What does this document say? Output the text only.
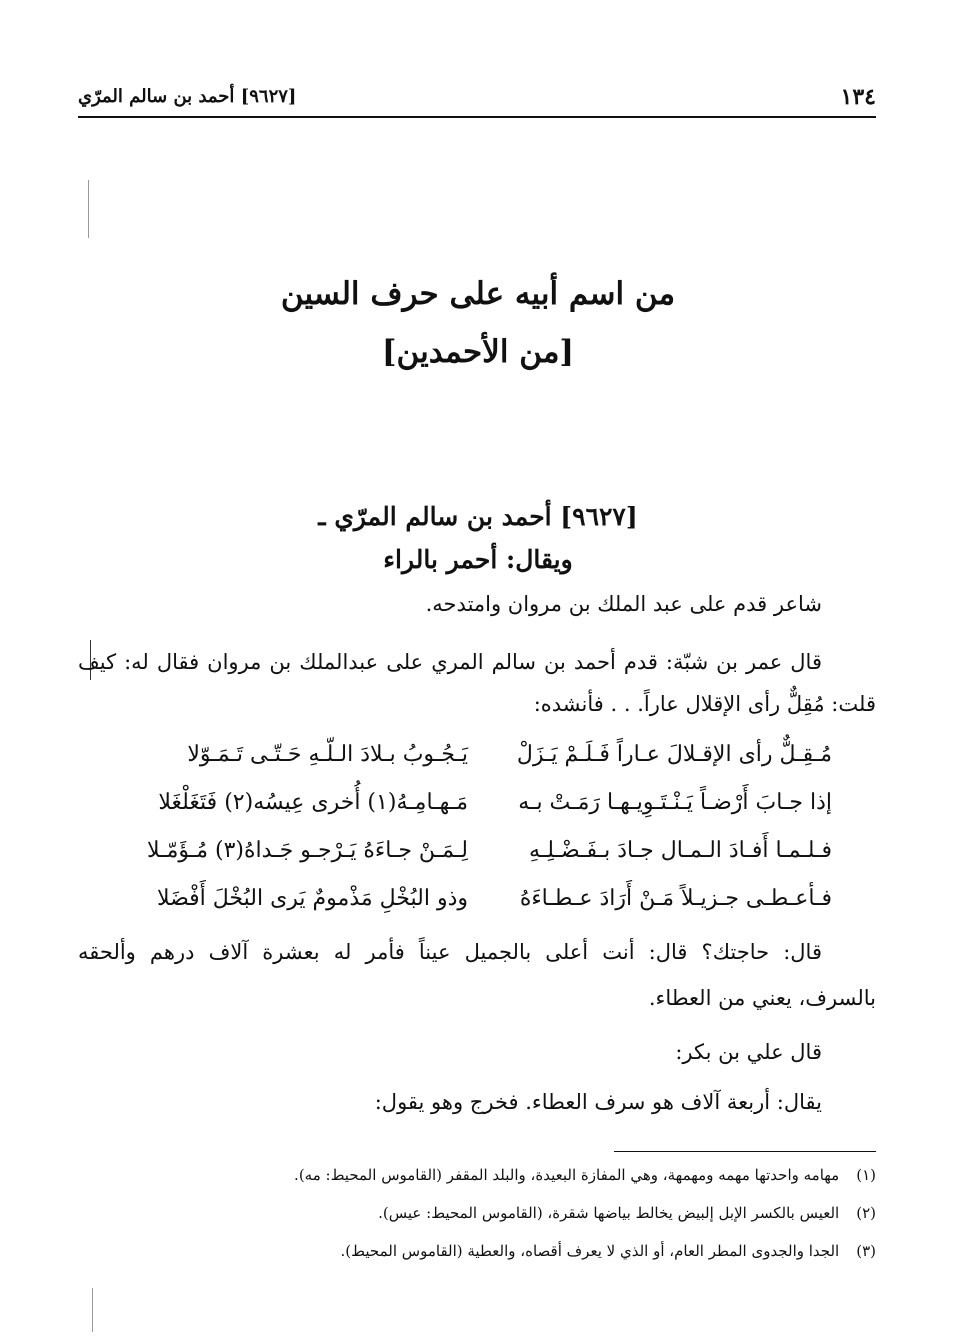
١٣٤
[٩٦٢٧] أحمد بن سالم المرّي
من اسم أبيه على حرف السين
[من الأحمدين]
[٩٦٢٧] أحمد بن سالم المرّي ـ
ويقال: أحمر بالراء
شاعر قدم على عبد الملك بن مروان وامتدحه.
قال عمر بن شبّة: قدم أحمد بن سالم المري على عبدالملك بن مروان فقال له: كيف
قلت: مُقِلٌّ رأى الإقلال عاراً. . . فأنشده:
مُـقِـلٌّ رأى الإقـلالَ عـاراً فَـلَـمْ يَـزَلْ
يَـجُـوبُ بـلادَ الـلّـهِ حَـتّـى تَـمَـوّلا
إذا جـابَ أَرْضـاً يَـنْـتَـوِيـهـا رَمَـتْ بـه
مَـهـامِـهُ(١) أُخرى عِيسُه(٢) فَتَغَلْغَلا
فـلـمـا أَفـادَ الـمـال جـادَ بـفَـضْـلِـهِ
لِـمَـنْ جـاءَهُ يَـرْجـو جَـداهُ(٣) مُـؤَمّـلا
فـأعـطـى جـزيـلاً مَـنْ أَرَادَ عـطـاءَهُ
وذو البُخْلِ مَذْمومٌ يَرى البُخْلَ أَفْضَلا
قال: حاجتك؟ قال: أنت أعلى بالجميل عيناً فأمر له بعشرة آلاف درهم وألحقه
بالسرف، يعني من العطاء.
قال علي بن بكر:
يقال: أربعة آلاف هو سرف العطاء. فخرج وهو يقول:
(١) مهامه واحدتها مهمه ومهمهة، وهي المفازة البعيدة، والبلد المقفر (القاموس المحيط: مه).
(٢) العيس بالكسر الإبل إلبيض يخالط بياضها شقرة، (القاموس المحيط: عيس).
(٣) الجدا والجدوى المطر العام، أو الذي لا يعرف أقصاه، والعطية (القاموس المحيط).
